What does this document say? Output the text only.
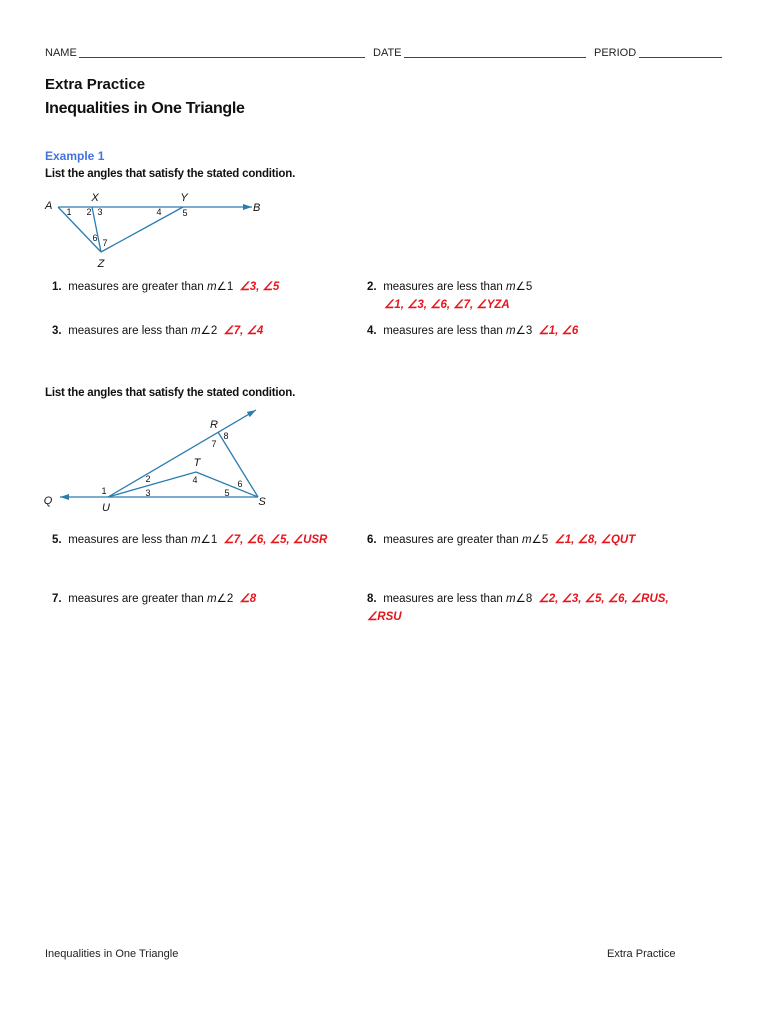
NAME	DATE	PERIOD
Extra Practice
Inequalities in One Triangle
Example 1
List the angles that satisfy the stated condition.
A
X	Y
B
Z
1 2 3	4 5
6 7
1. measures are greater than m∠1 ∠3, ∠5	2. measures are less than m∠5
∠1, ∠3, ∠6, ∠7, ∠YZA
3. measures are less than m∠2 ∠7, ∠4	4. measures are less than m∠3 ∠1, ∠6
List the angles that satisfy the stated condition.
R
T
Q
U	S
1
2
3
4
5
6
7
8
5. measures are less than m∠1 ∠7, ∠6, ∠5, ∠USR	6. measures are greater than m∠5 ∠1, ∠8, ∠QUT
7. measures are greater than m∠2 ∠8	8. measures are less than m∠8 ∠2, ∠3, ∠5, ∠6, ∠RUS,
∠RSU
Inequalities in One Triangle	Extra Practice
